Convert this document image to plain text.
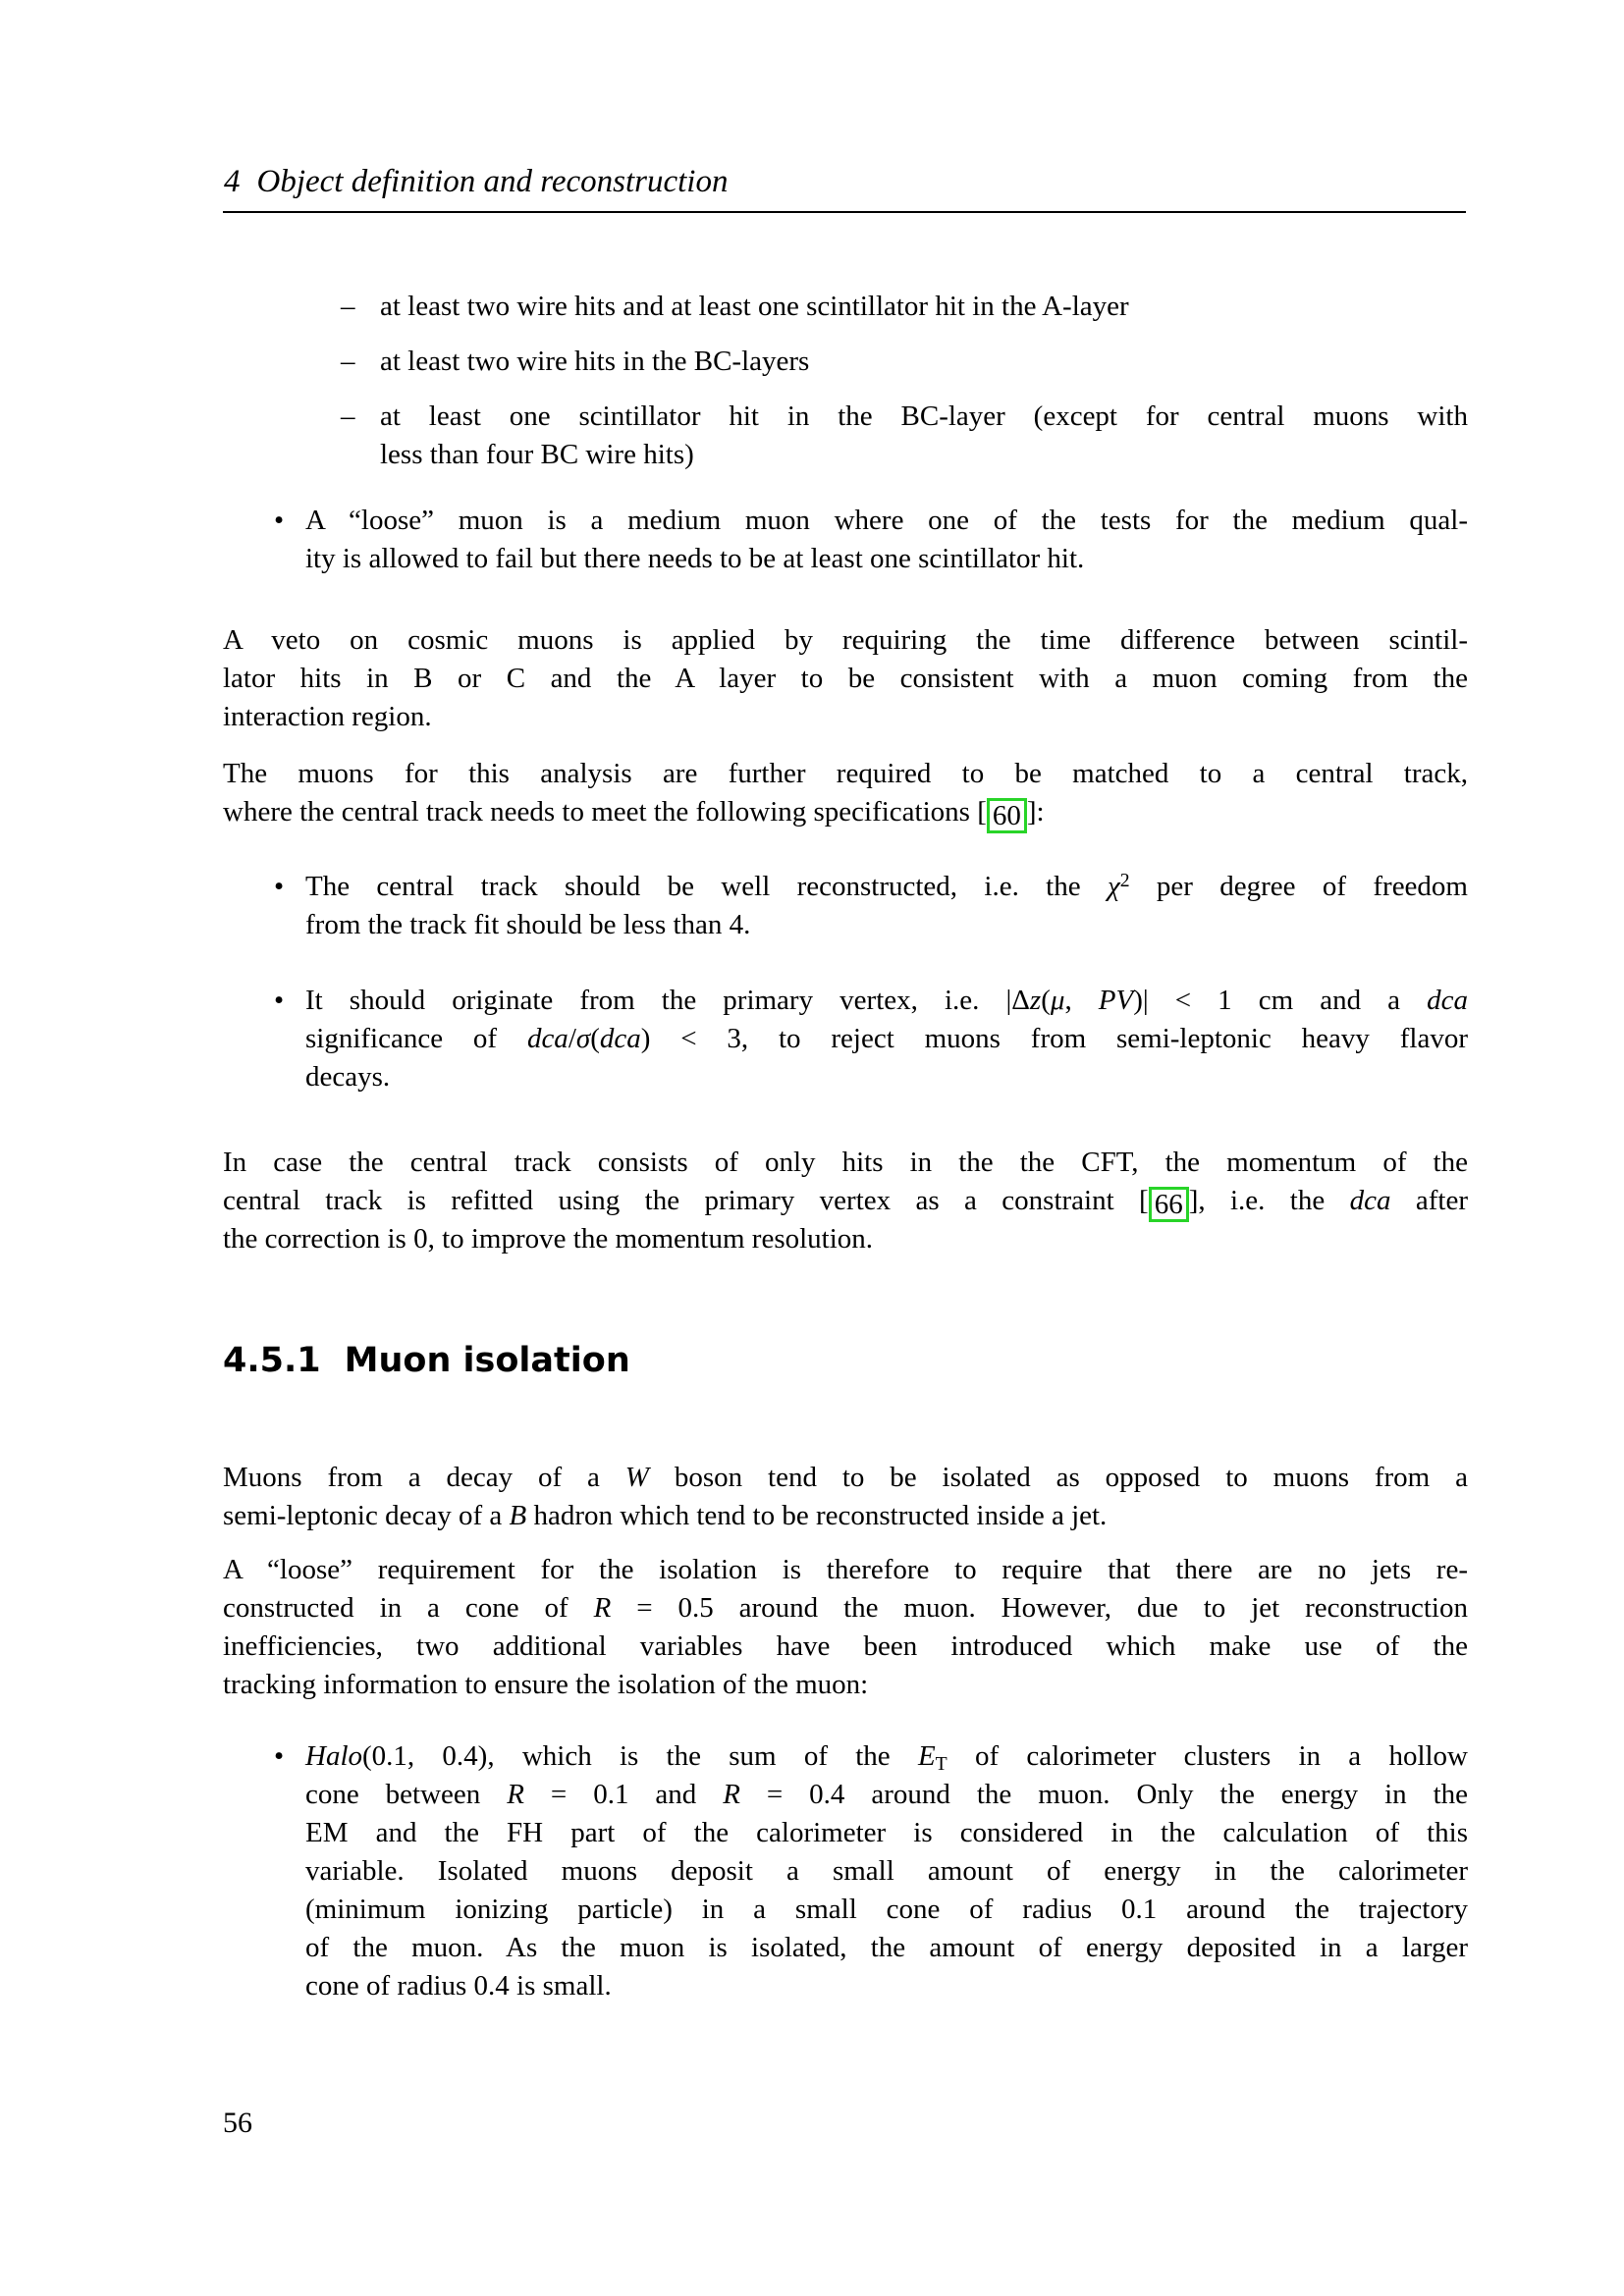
4 Object definition and reconstruction
– at least two wire hits and at least one scintillator hit in the A-layer
– at least two wire hits in the BC-layers
– at least one scintillator hit in the BC-layer (except for central muons with
less than four BC wire hits)
• A “loose” muon is a medium muon where one of the tests for the medium qual-
ity is allowed to fail but there needs to be at least one scintillator hit.
A veto on cosmic muons is applied by requiring the time difference between scintil-
lator hits in B or C and the A layer to be consistent with a muon coming from the
interaction region.
The muons for this analysis are further required to be matched to a central track,
where the central track needs to meet the following specifications [ 60 ]:
• The central track should be well reconstructed, i.e. the $\chi^2$ per degree of freedom
from the track fit should be less than 4.
• It should originate from the primary vertex, i.e. |Δz(μ, PV)| < 1 cm and a dca
significance of dca/σ(dca) < 3, to reject muons from semi-leptonic heavy flavor
decays.
In case the central track consists of only hits in the the CFT, the momentum of the
central track is refitted using the primary vertex as a constraint [ 66 ], i.e. the dca after
the correction is 0, to improve the momentum resolution.
Muons from a decay of a W boson tend to be isolated as opposed to muons from a
semi-leptonic decay of a B hadron which tend to be reconstructed inside a jet.
A “loose” requirement for the isolation is therefore to require that there are no jets re-
constructed in a cone of R = 0.5 around the muon. However, due to jet reconstruction
inefficiencies, two additional variables have been introduced which make use of the
tracking information to ensure the isolation of the muon:
• Halo(0.1, 0.4), which is the sum of the $E_T$ of calorimeter clusters in a hollow
cone between R = 0.1 and R = 0.4 around the muon. Only the energy in the
EM and the FH part of the calorimeter is considered in the calculation of this
variable. Isolated muons deposit a small amount of energy in the calorimeter
(minimum ionizing particle) in a small cone of radius 0.1 around the trajectory
of the muon. As the muon is isolated, the amount of energy deposited in a larger
cone of radius 0.4 is small.
4.5.1 Muon isolation
56
